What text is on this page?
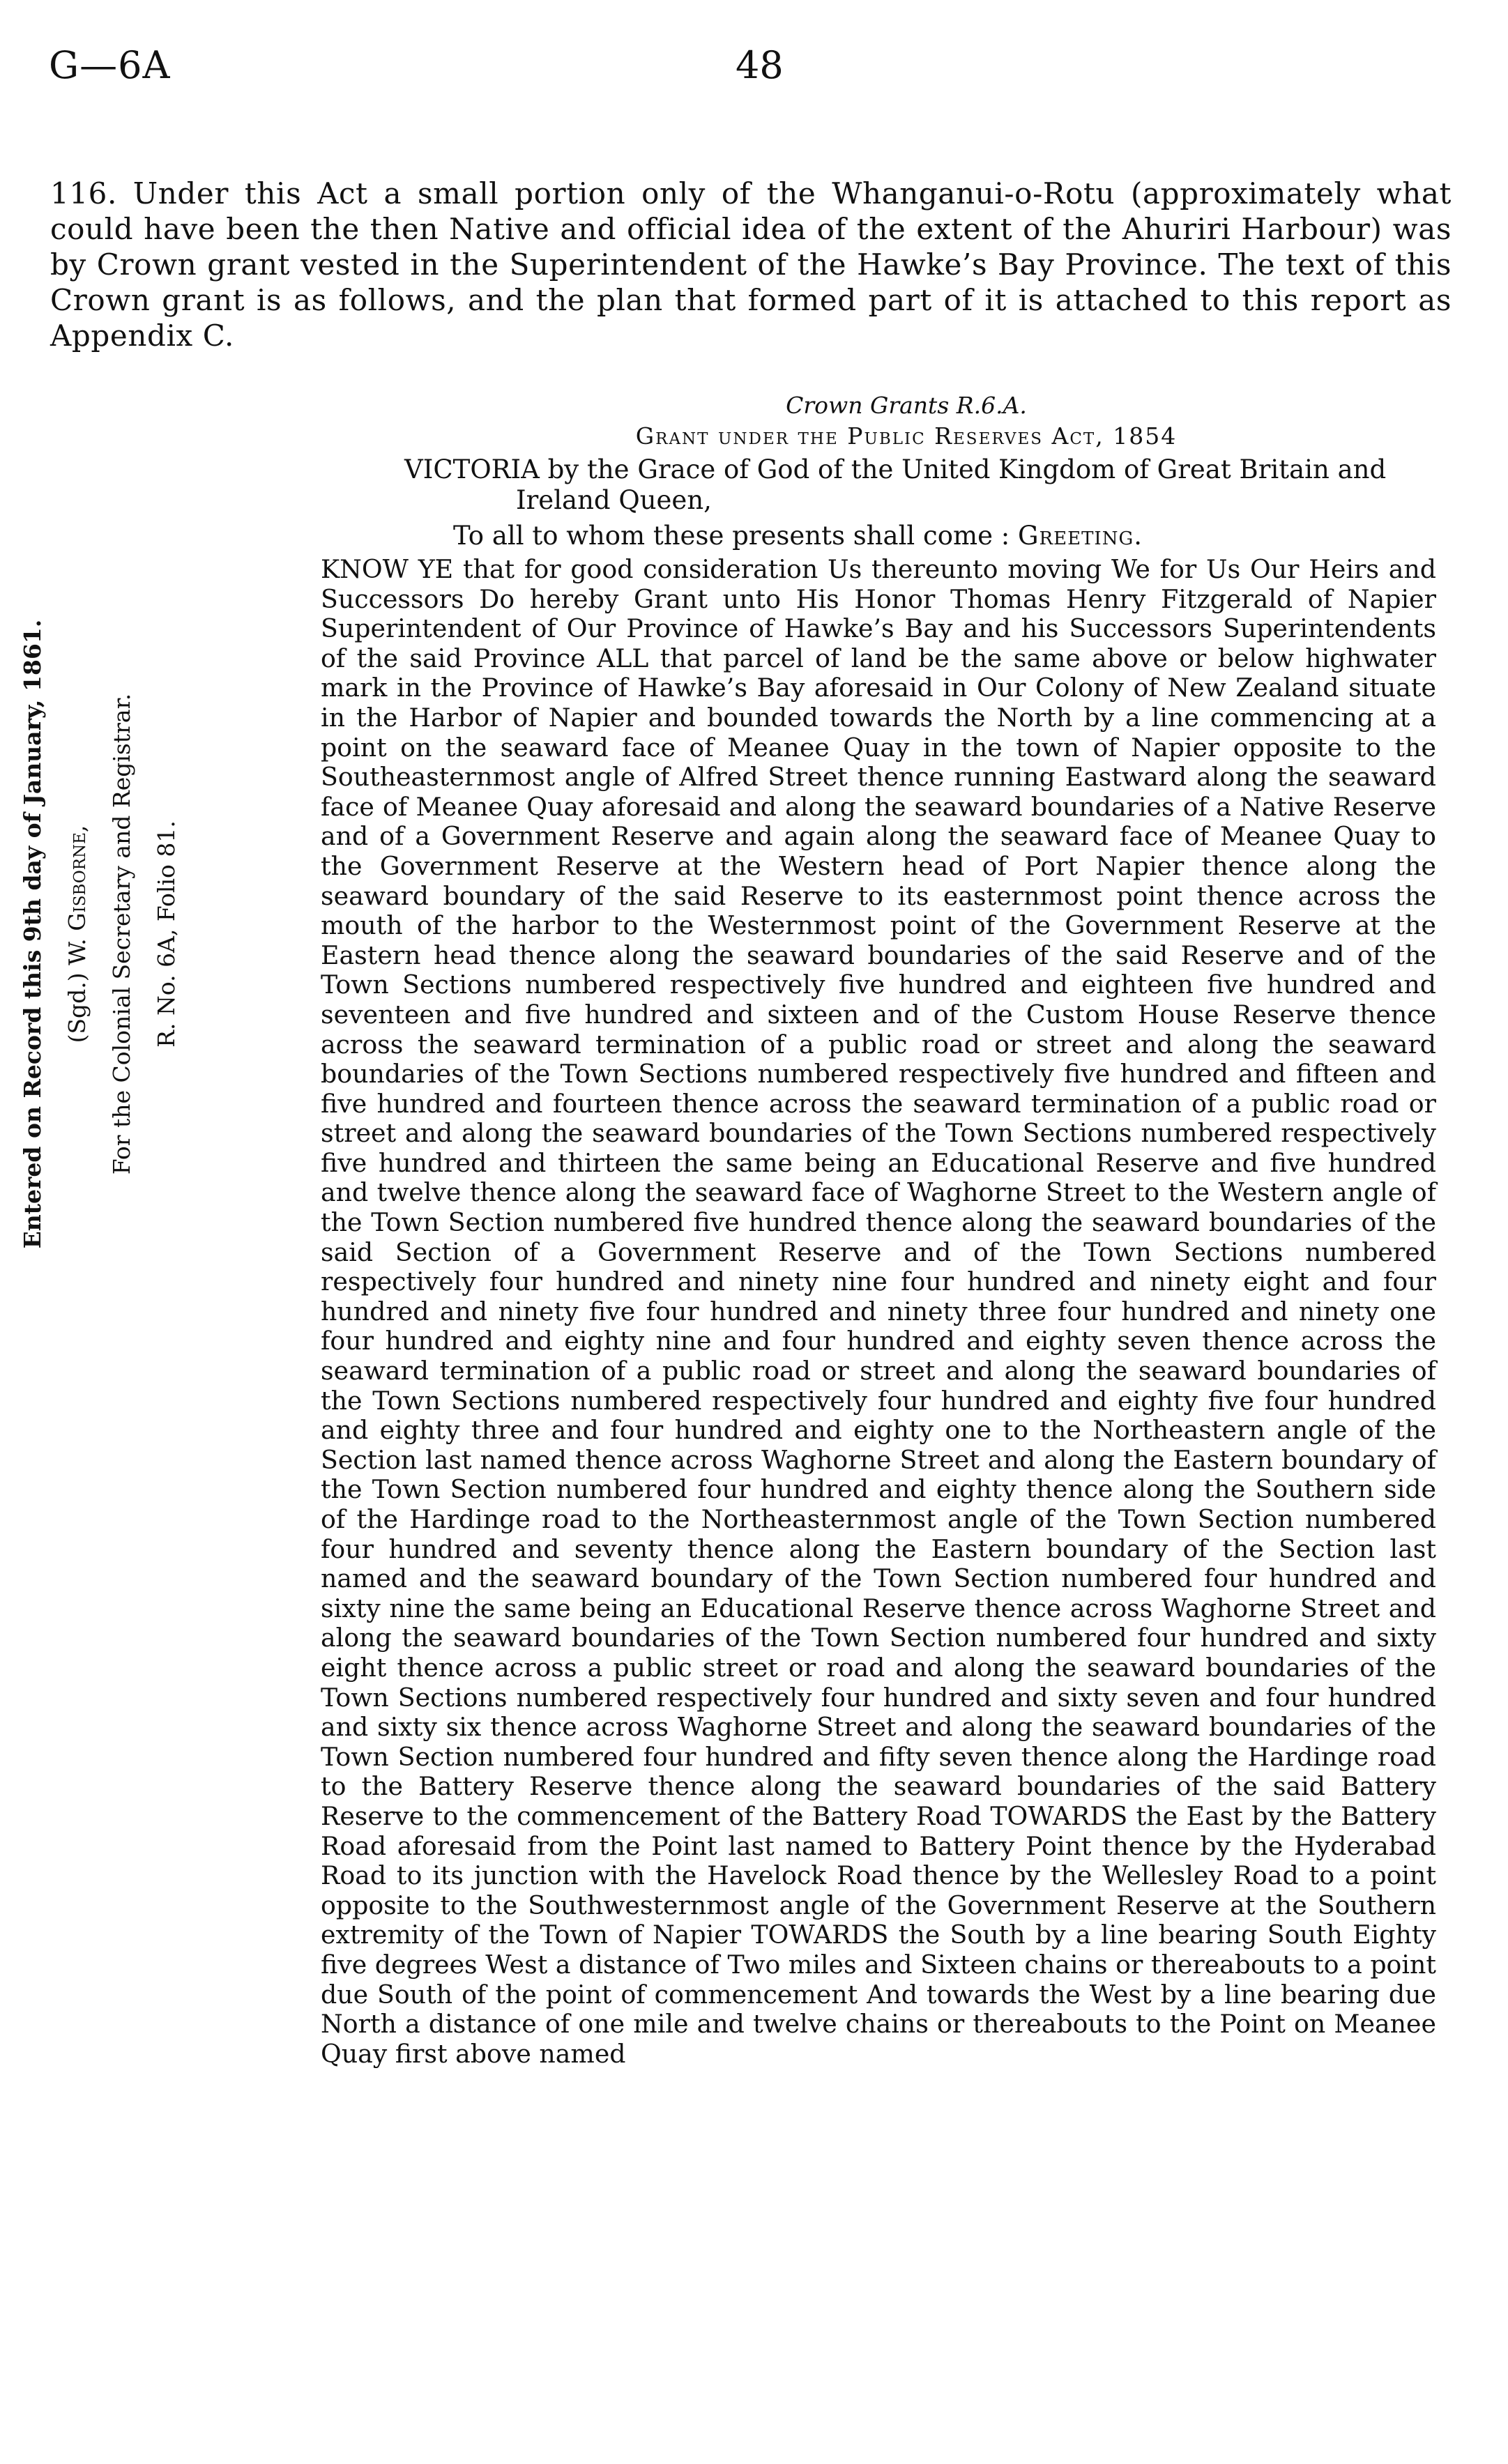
G—6A	48

116. Under this Act a small portion only of the Whanganui-o-Rotu (approximately what could have been the then Native and official idea of the extent of the Ahuriri Harbour) was by Crown grant vested in the Superintendent of the Hawke’s Bay Province. The text of this Crown grant is as follows, and the plan that formed part of it is attached to this report as Appendix C.

Crown Grants R.6.A.
Grant under the Public Reserves Act, 1854
VICTORIA by the Grace of God of the United Kingdom of Great Britain and Ireland Queen,
To all to whom these presents shall come : Greeting.

KNOW YE that for good consideration Us thereunto moving We for Us Our Heirs and Successors Do hereby Grant unto His Honor Thomas Henry Fitzgerald of Napier Superintendent of Our Province of Hawke’s Bay and his Successors Superintendents of the said Province ALL that parcel of land be the same above or below highwater mark in the Province of Hawke’s Bay aforesaid in Our Colony of New Zealand situate in the Harbor of Napier and bounded towards the North by a line commencing at a point on the seaward face of Meanee Quay in the town of Napier opposite to the Southeasternmost angle of Alfred Street thence running Eastward along the seaward face of Meanee Quay aforesaid and along the seaward boundaries of a Native Reserve and of a Government Reserve and again along the seaward face of Meanee Quay to the Government Reserve at the Western head of Port Napier thence along the seaward boundary of the said Reserve to its easternmost point thence across the mouth of the harbor to the Westernmost point of the Government Reserve at the Eastern head thence along the seaward boundaries of the said Reserve and of the Town Sections numbered respectively five hundred and eighteen five hundred and seventeen and five hundred and sixteen and of the Custom House Reserve thence across the seaward termination of a public road or street and along the seaward boundaries of the Town Sections numbered respectively five hundred and fifteen and five hundred and fourteen thence across the seaward termination of a public road or street and along the seaward boundaries of the Town Sections numbered respectively five hundred and thirteen the same being an Educational Reserve and five hundred and twelve thence along the seaward face of Waghorne Street to the Western angle of the Town Section numbered five hundred thence along the seaward boundaries of the said Section of a Government Reserve and of the Town Sections numbered respectively four hundred and ninety nine four hundred and ninety eight and four hundred and ninety five four hundred and ninety three four hundred and ninety one four hundred and eighty nine and four hundred and eighty seven thence across the seaward termination of a public road or street and along the seaward boundaries of the Town Sections numbered respectively four hundred and eighty five four hundred and eighty three and four hundred and eighty one to the Northeastern angle of the Section last named thence across Waghorne Street and along the Eastern boundary of the Town Section numbered four hundred and eighty thence along the Southern side of the Hardinge road to the Northeasternmost angle of the Town Section numbered four hundred and seventy thence along the Eastern boundary of the Section last named and the seaward boundary of the Town Section numbered four hundred and sixty nine the same being an Educational Reserve thence across Waghorne Street and along the seaward boundaries of the Town Section numbered four hundred and sixty eight thence across a public street or road and along the seaward boundaries of the Town Sections numbered respectively four hundred and sixty seven and four hundred and sixty six thence across Waghorne Street and along the seaward boundaries of the Town Section numbered four hundred and fifty seven thence along the Hardinge road to the Battery Reserve thence along the seaward boundaries of the said Battery Reserve to the commencement of the Battery Road TOWARDS the East by the Battery Road aforesaid from the Point last named to Battery Point thence by the Hyderabad Road to its junction with the Havelock Road thence by the Wellesley Road to a point opposite to the Southwesternmost angle of the Government Reserve at the Southern extremity of the Town of Napier TOWARDS the South by a line bearing South Eighty five degrees West a distance of Two miles and Sixteen chains or thereabouts to a point due South of the point of commencement And towards the West by a line bearing due North a distance of one mile and twelve chains or thereabouts to the Point on Meanee Quay first above named

Entered on Record this 9th day of January, 1861. (Sgd.) W. Gisborne, For the Colonial Secretary and Registrar. R. No. 6A, Folio 81.
